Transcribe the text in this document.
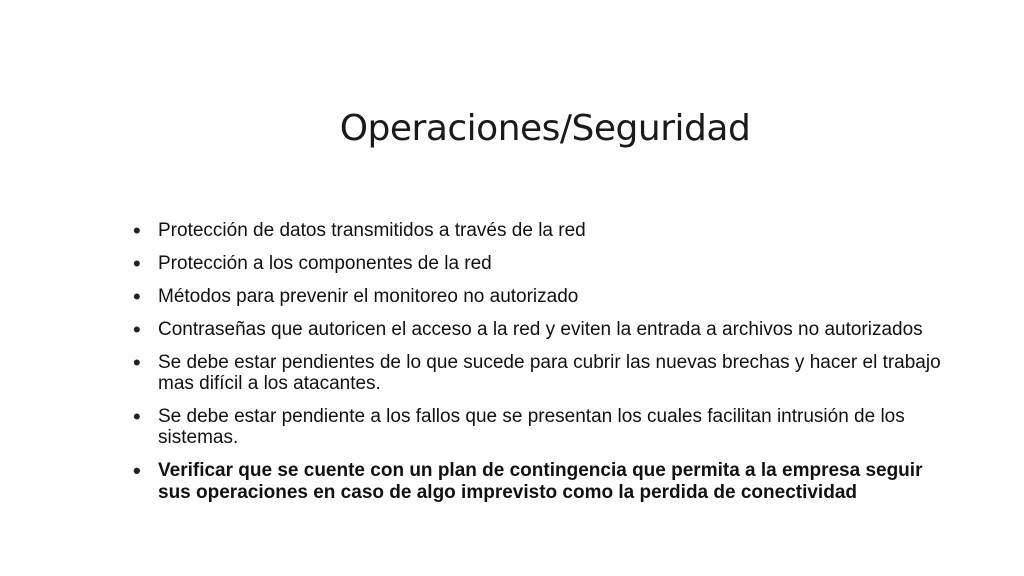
Operaciones/Seguridad
• Protección de datos transmitidos a través de la red
• Protección a los componentes de la red
• Métodos para prevenir el monitoreo no autorizado
• Contraseñas que autoricen el acceso a la red y eviten la entrada a archivos no autorizados
• Se debe estar pendientes de lo que sucede para cubrir las nuevas brechas y hacer el trabajo mas difícil a los atacantes.
• Se debe estar pendiente a los fallos que se presentan los cuales facilitan intrusión de los sistemas.
• Verificar que se cuente con un plan de contingencia que permita a la empresa seguir sus operaciones en caso de algo imprevisto como la perdida de conectividad
